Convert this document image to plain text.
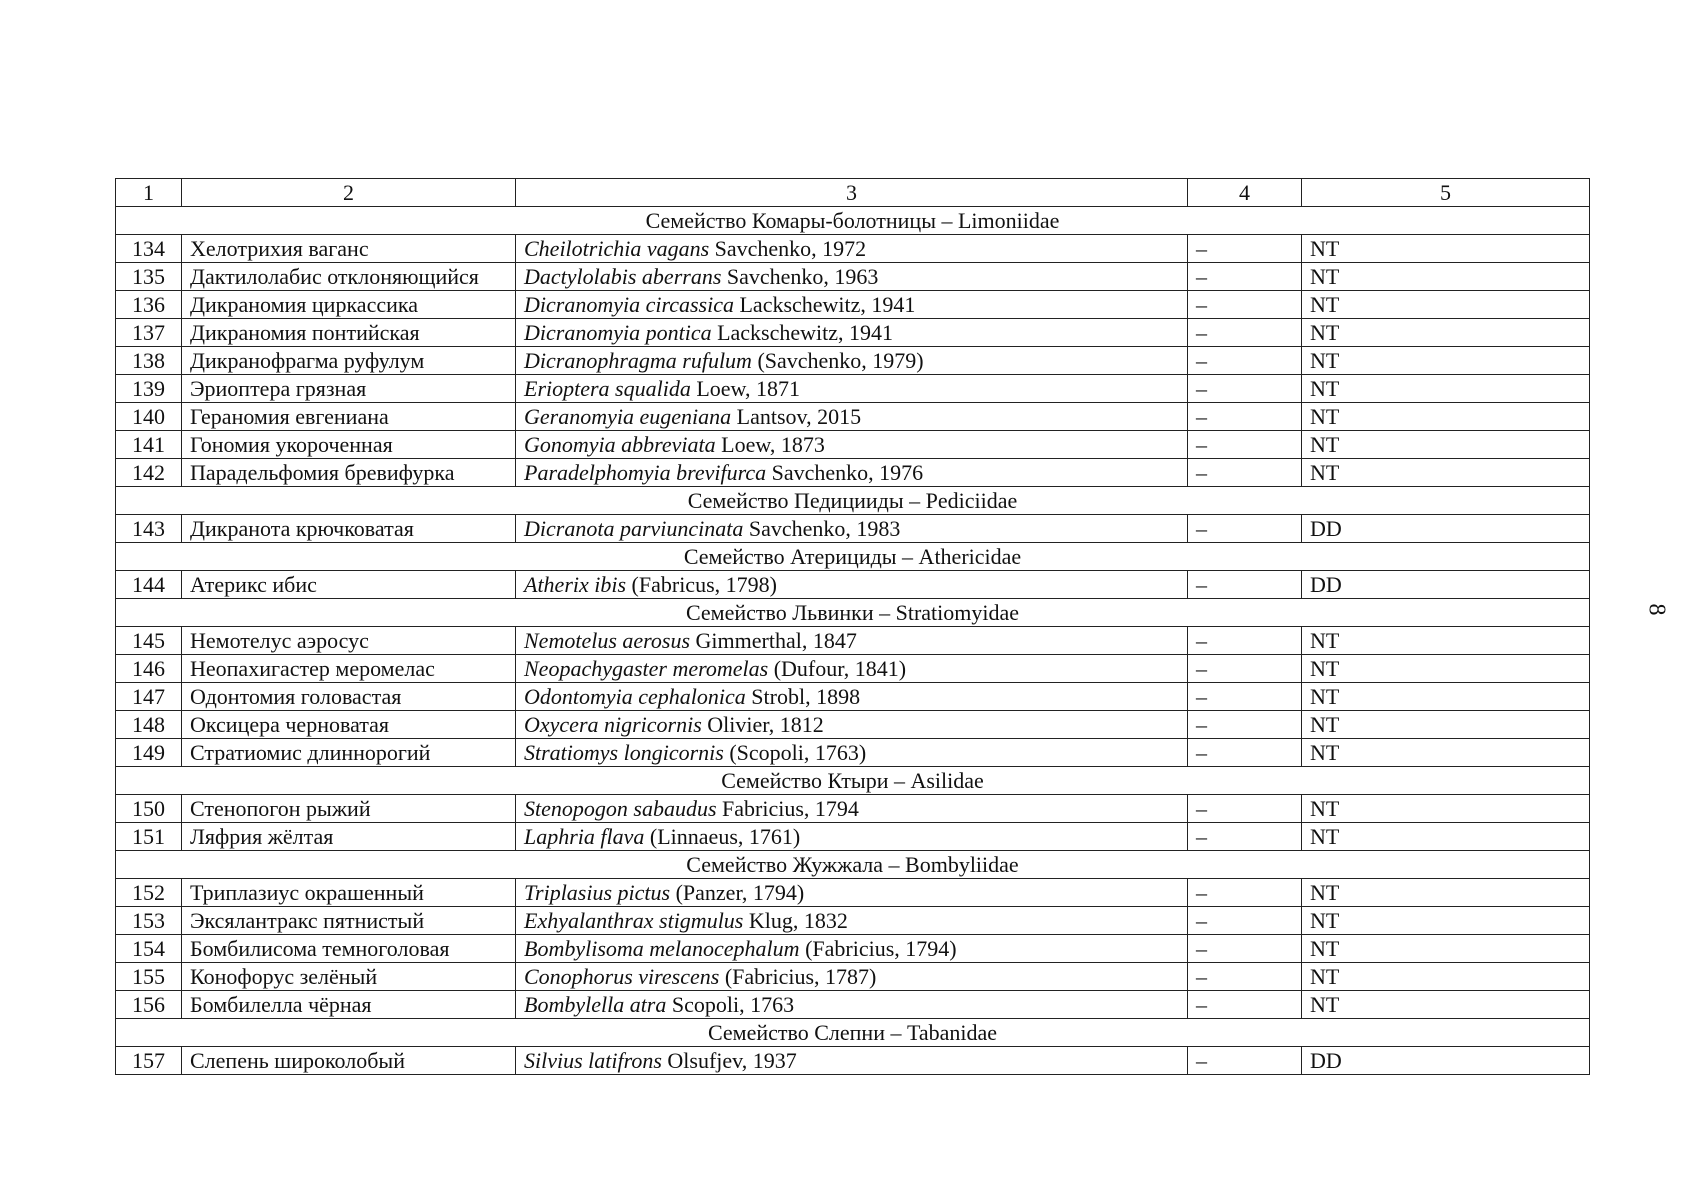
1	2	3	4	5
Семейство Комары-болотницы – Limoniidae				
134	Хелотрихия ваганс	Cheilotrichia vagans Savchenko, 1972	–	NT
135	Дактилолабис отклоняющийся	Dactylolabis aberrans Savchenko, 1963	–	NT
136	Дикраномия циркассика	Dicranomyia circassica Lackschewitz, 1941	–	NT
137	Дикраномия понтийская	Dicranomyia pontica Lackschewitz, 1941	–	NT
138	Дикранофрагма руфулум	Dicranophragma rufulum (Savchenko, 1979)	–	NT
139	Эриоптера грязная	Erioptera squalida Loew, 1871	–	NT
140	Гераномия евгениана	Geranomyia eugeniana Lantsov, 2015	–	NT
141	Гономия укороченная	Gonomyia abbreviata Loew, 1873	–	NT
142	Парадельфомия бревифурка	Paradelphomyia brevifurca Savchenko, 1976	–	NT
Семейство Педицииды – Pediciidae				
143	Дикранота крючковатая	Dicranota parviuncinata Savchenko, 1983	–	DD
Семейство Атерициды – Athericidae				
144	Атерикс ибис	Atherix ibis (Fabricus, 1798)	–	DD
Семейство Львинки – Stratiomyidae				
145	Немотелус аэросус	Nemotelus aerosus Gimmerthal, 1847	–	NT
146	Неопахигастер меромелас	Neopachygaster meromelas (Dufour, 1841)	–	NT
147	Одонтомия головастая	Odontomyia cephalonica Strobl, 1898	–	NT
148	Оксицера черноватая	Oxycera nigricornis Olivier, 1812	–	NT
149	Стратиомис длиннорогий	Stratiomys longicornis (Scopoli, 1763)	–	NT
Семейство Ктыри – Asilidae				
150	Стенопогон рыжий	Stenopogon sabaudus Fabricius, 1794	–	NT
151	Ляфрия жёлтая	Laphria flava (Linnaeus, 1761)	–	NT
Семейство Жужжала – Bombyliidae				
152	Триплазиус окрашенный	Triplasius pictus (Panzer, 1794)	–	NT
153	Эксялантракс пятнистый	Exhyalanthrax stigmulus Klug, 1832	–	NT
154	Бомбилисома темноголовая	Bombylisoma melanocephalum (Fabricius, 1794)	–	NT
155	Конофорус зелёный	Conophorus virescens (Fabricius, 1787)	–	NT
156	Бомбилелла чёрная	Bombylella atra Scopoli, 1763	–	NT
Семейство Слепни – Tabanidae				
157	Слепень широколобый	Silvius latifrons Olsufjev, 1937	–	DD
8
